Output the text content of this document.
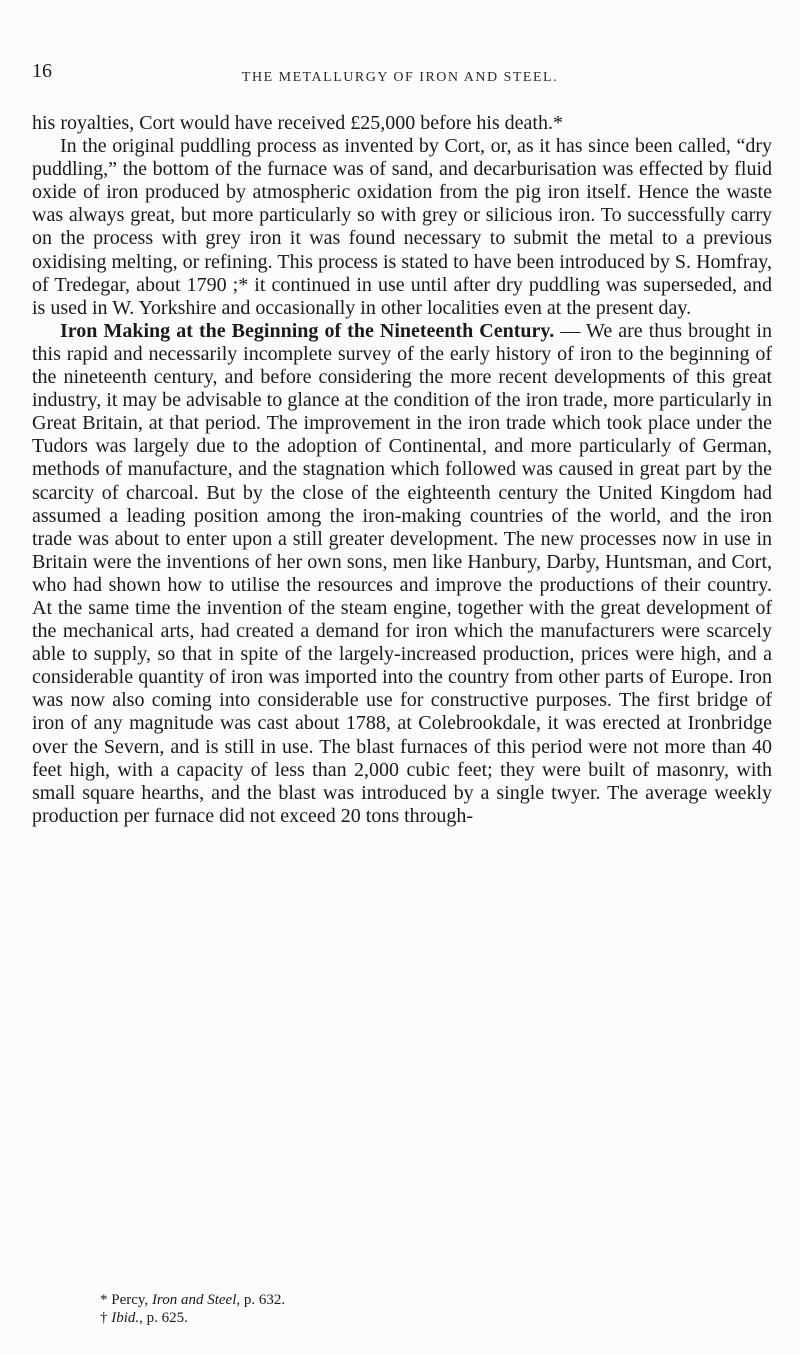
16	THE METALLURGY OF IRON AND STEEL.

his royalties, Cort would have received £25,000 before his death.*

In the original puddling process as invented by Cort, or, as it has since been called, “dry puddling,” the bottom of the furnace was of sand, and decarburisation was effected by fluid oxide of iron produced by atmospheric oxidation from the pig iron itself. Hence the waste was always great, but more particularly so with grey or silicious iron. To successfully carry on the process with grey iron it was found necessary to submit the metal to a previous oxidising melting, or refining. This process is stated to have been introduced by S. Homfray, of Tredegar, about 1790 ;* it continued in use until after dry puddling was superseded, and is used in W. Yorkshire and occasionally in other localities even at the present day.

Iron Making at the Beginning of the Nineteenth Century. — We are thus brought in this rapid and necessarily incomplete survey of the early history of iron to the beginning of the nineteenth century, and before considering the more recent developments of this great industry, it may be advisable to glance at the condition of the iron trade, more particularly in Great Britain, at that period. The improvement in the iron trade which took place under the Tudors was largely due to the adoption of Continental, and more particularly of German, methods of manufacture, and the stagnation which followed was caused in great part by the scarcity of charcoal. But by the close of the eighteenth century the United Kingdom had assumed a leading position among the iron-making countries of the world, and the iron trade was about to enter upon a still greater development. The new processes now in use in Britain were the inventions of her own sons, men like Hanbury, Darby, Huntsman, and Cort, who had shown how to utilise the resources and improve the productions of their country. At the same time the invention of the steam engine, together with the great development of the mechanical arts, had created a demand for iron which the manufacturers were scarcely able to supply, so that in spite of the largely-increased production, prices were high, and a considerable quantity of iron was imported into the country from other parts of Europe. Iron was now also coming into considerable use for constructive purposes. The first bridge of iron of any magnitude was cast about 1788, at Colebrookdale, it was erected at Ironbridge over the Severn, and is still in use. The blast furnaces of this period were not more than 40 feet high, with a capacity of less than 2,000 cubic feet; they were built of masonry, with small square hearths, and the blast was introduced by a single twyer. The average weekly production per furnace did not exceed 20 tons through-

* Percy, Iron and Steel, p. 632.
† Ibid., p. 625.
